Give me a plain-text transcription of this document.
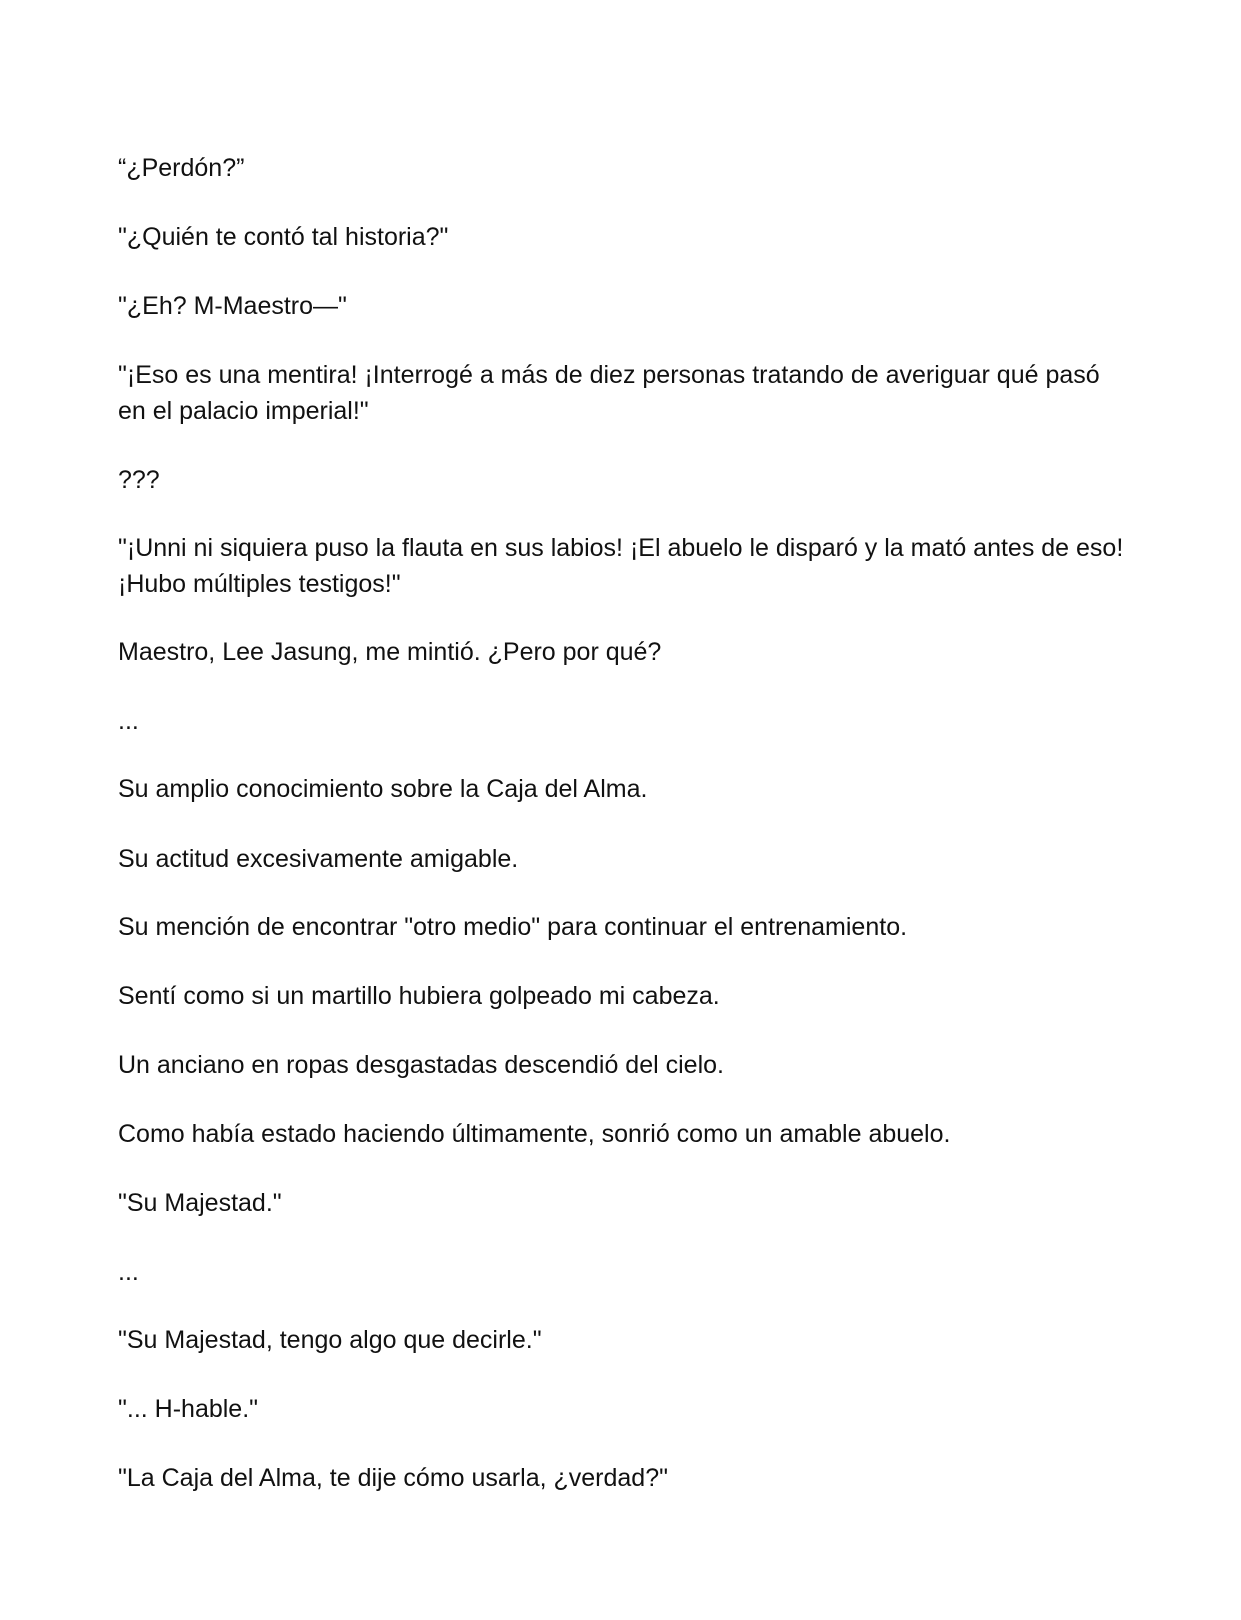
“¿Perdón?”

"¿Quién te contó tal historia?"

"¿Eh? M-Maestro—"

"¡Eso es una mentira! ¡Interrogé a más de diez personas tratando de averiguar qué pasó en el palacio imperial!"

???

"¡Unni ni siquiera puso la flauta en sus labios! ¡El abuelo le disparó y la mató antes de eso! ¡Hubo múltiples testigos!"

Maestro, Lee Jasung, me mintió. ¿Pero por qué?

...

Su amplio conocimiento sobre la Caja del Alma.

Su actitud excesivamente amigable.

Su mención de encontrar "otro medio" para continuar el entrenamiento.

Sentí como si un martillo hubiera golpeado mi cabeza.

Un anciano en ropas desgastadas descendió del cielo.

Como había estado haciendo últimamente, sonrió como un amable abuelo.

"Su Majestad."

...

"Su Majestad, tengo algo que decirle."

"... H-hable."

"La Caja del Alma, te dije cómo usarla, ¿verdad?"
